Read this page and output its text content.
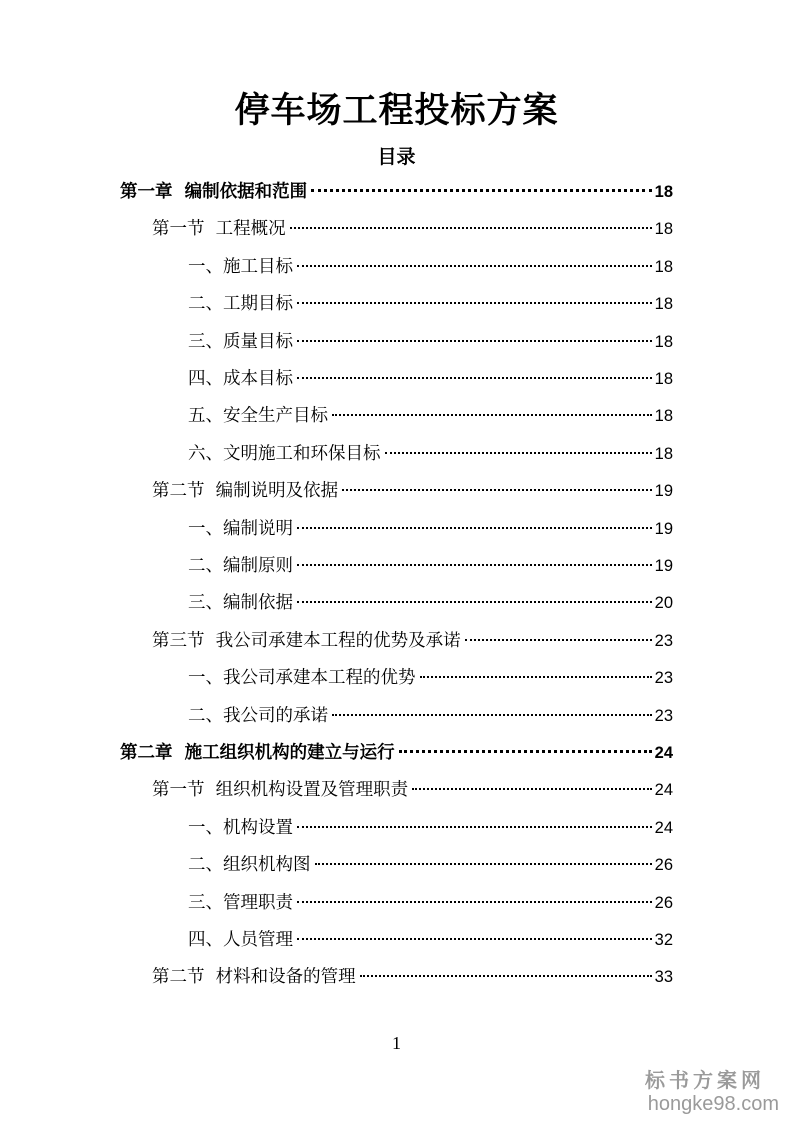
停车场工程投标方案
目录
第一章  编制依据和范围	18
第一节  工程概况	18
一、施工目标	18
二、工期目标	18
三、质量目标	18
四、成本目标	18
五、安全生产目标	18
六、文明施工和环保目标	18
第二节  编制说明及依据	19
一、编制说明	19
二、编制原则	19
三、编制依据	20
第三节  我公司承建本工程的优势及承诺	23
一、我公司承建本工程的优势	23
二、我公司的承诺	23
第二章  施工组织机构的建立与运行	24
第一节  组织机构设置及管理职责	24
一、机构设置	24
二、组织机构图	26
三、管理职责	26
四、人员管理	32
第二节  材料和设备的管理	33
1
标书方案网
hongke98.com
